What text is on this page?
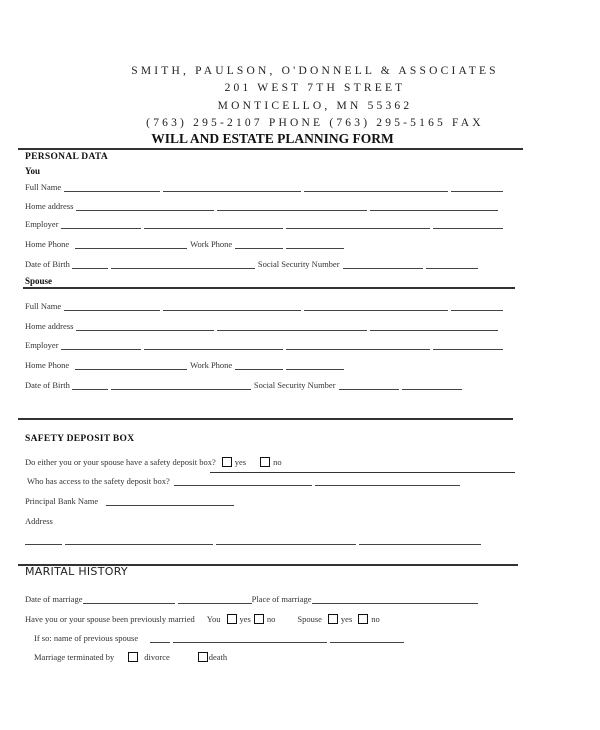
SMITH, PAULSON, O'DONNELL & ASSOCIATES
201 WEST 7TH STREET
MONTICELLO, MN 55362
(763) 295-2107 PHONE (763) 295-5165 FAX
WILL AND ESTATE PLANNING FORM
PERSONAL DATA
You
Full Name
Home address
Employer
Home Phone	Work Phone
Date of Birth	Social Security Number
Spouse
Full Name
Home address
Employer
Home Phone	Work Phone
Date of Birth	Social Security Number
SAFETY DEPOSIT BOX
Do either you or your spouse have a safety deposit box? yes	no
Who has access to the safety deposit box?
Principal Bank Name
Address
MARITAL HISTORY
Date of marriage	Place of marriage
Have you or your spouse been previously married You yes no	Spouse yes no
If so: name of previous spouse
Marriage terminated by	divorce	death
